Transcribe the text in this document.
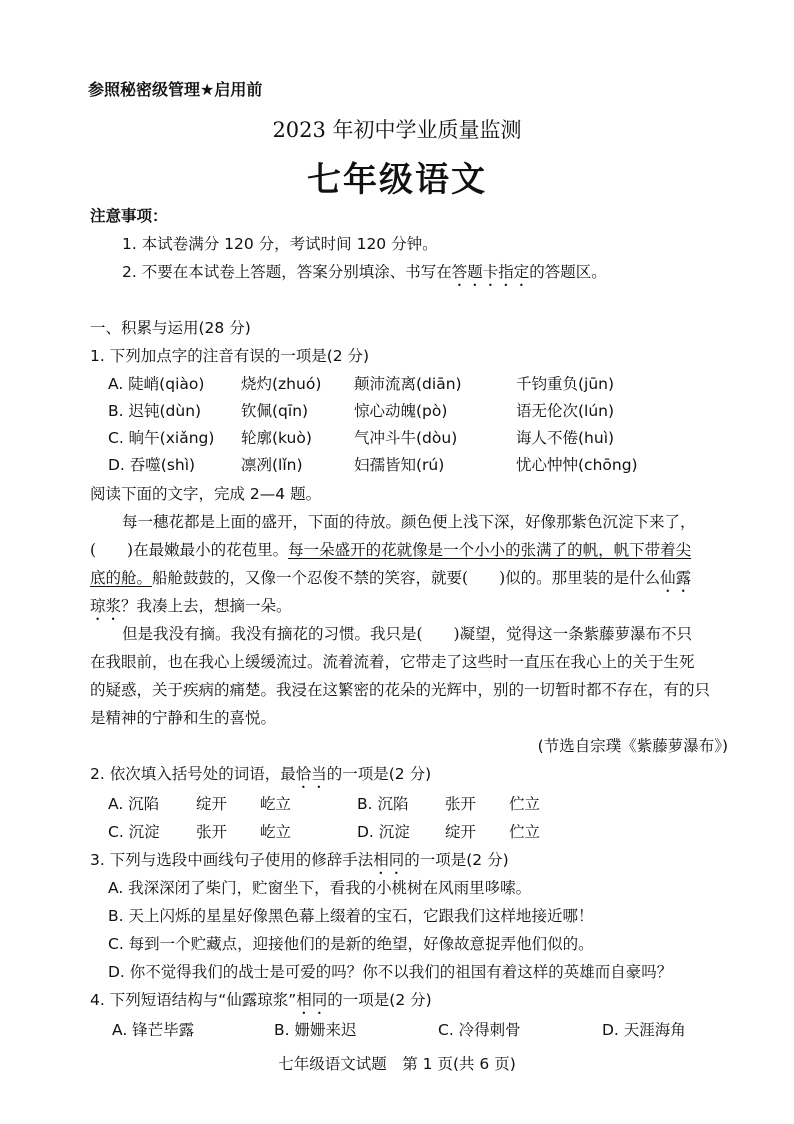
参照秘密级管理★启用前
2023 年初中学业质量监测
七年级语文
注意事项：
1. 本试卷满分 120 分，考试时间 120 分钟。
2. 不要在本试卷上答题，答案分别填涂、书写在答题卡指定的答题区。
一、积累与运用(28 分)
1. 下列加点字的注音有误的一项是(2 分)
A. 陡峭(qiào) 烧灼(zhuó) 颠沛流离(diān)	千钧重负(jūn)
B. 迟钝(dùn)	钦佩(qīn)	惊心动魄(pò)	语无伦次(lún)
C. 晌午(xiǎng) 轮廓(kuò)	气冲斗牛(dòu)	诲人不倦(huì)
D. 吞噬(shì)	凛冽(lǐn)	妇孺皆知(rú)	忧心忡忡(chōng)
阅读下面的文字，完成 2—4 题。
每一穗花都是上面的盛开，下面的待放。颜色便上浅下深，好像那紫色沉淀下来了，
(　　)在最嫩最小的花苞里。每一朵盛开的花就像是一个小小的张满了的帆，帆下带着尖
底的舱。船舱鼓鼓的，又像一个忍俊不禁的笑容，就要(　　)似的。那里装的是什么仙露
琼浆？我凑上去，想摘一朵。
但是我没有摘。我没有摘花的习惯。我只是(　　)凝望，觉得这一条紫藤萝瀑布不只
在我眼前，也在我心上缓缓流过。流着流着，它带走了这些时一直压在我心上的关于生死
的疑惑，关于疾病的痛楚。我浸在这繁密的花朵的光辉中，别的一切暂时都不存在，有的只
是精神的宁静和生的喜悦。
(节选自宗璞《紫藤萝瀑布》)
2. 依次填入括号处的词语，最恰当的一项是(2 分)
A. 沉陷 绽开 屹立	B. 沉陷 张开 伫立
C. 沉淀 张开 屹立	D. 沉淀 绽开 伫立
3. 下列与选段中画线句子使用的修辞手法相同的一项是(2 分)
A. 我深深闭了柴门，贮窗坐下，看我的小桃树在风雨里哆嗦。
B. 天上闪烁的星星好像黑色幕上缀着的宝石，它跟我们这样地接近哪！
C. 每到一个贮藏点，迎接他们的是新的绝望，好像故意捉弄他们似的。
D. 你不觉得我们的战士是可爱的吗？你不以我们的祖国有着这样的英雄而自豪吗？
4. 下列短语结构与“仙露琼浆”相同的一项是(2 分)
A. 锋芒毕露	B. 姗姗来迟	C. 冷得刺骨	D. 天涯海角
七年级语文试题　第 1 页(共 6 页)
